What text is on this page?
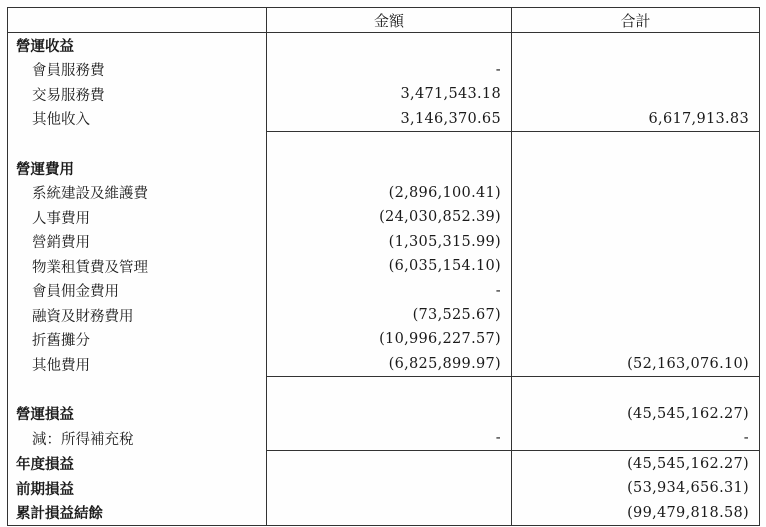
	金額	合計
營運收益		
會員服務費	-	
交易服務費	3,471,543.18	
其他收入	3,146,370.65	6,617,913.83

營運費用		
系統建設及維護費	(2,896,100.41)	
人事費用	(24,030,852.39)	
營銷費用	(1,305,315.99)	
物業租賃費及管理	(6,035,154.10)	
會員佣金費用	-	
融資及財務費用	(73,525.67)	
折舊攤分	(10,996,227.57)	
其他費用	(6,825,899.97)	(52,163,076.10)

營運損益		(45,545,162.27)
減：所得補充稅	-	-
年度損益		(45,545,162.27)
前期損益		(53,934,656.31)
累計損益結餘		(99,479,818.58)
